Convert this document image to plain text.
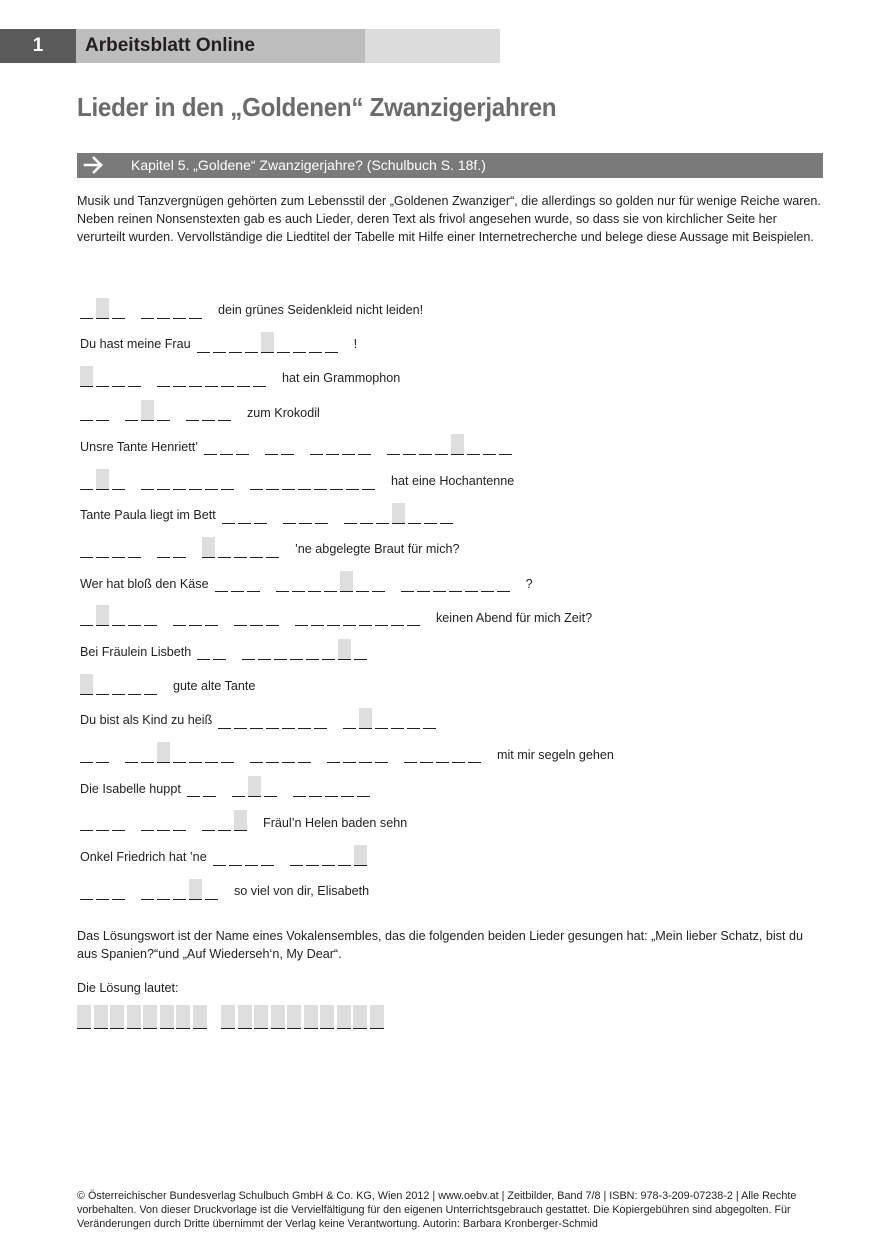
1	Arbeitsblatt Online
Lieder in den „Goldenen“ Zwanzigerjahren
Kapitel 5. „Goldene“ Zwanzigerjahre? (Schulbuch S. 18f.)
Musik und Tanzvergnügen gehörten zum Lebensstil der „Goldenen Zwanziger“, die allerdings so golden nur für wenige Reiche waren. Neben reinen Nonsenstexten gab es auch Lieder, deren Text als frivol angesehen wurde, so dass sie von kirchlicher Seite her verurteilt wurden. Vervollständige die Liedtitel der Tabelle mit Hilfe einer Internetrecherche und belege diese Aussage mit Beispielen.
dein grünes Seidenkleid nicht leiden!
Du hast meine Frau	!
hat ein Grammophon
zum Krokodil
Unsre Tante Henriett’
hat eine Hochantenne
Tante Paula liegt im Bett
’ne abgelegte Braut für mich?
Wer hat bloß den Käse	?
keinen Abend für mich Zeit?
Bei Fräulein Lisbeth
gute alte Tante
Du bist als Kind zu heiß
mit mir segeln gehen
Die Isabelle huppt
Fräul’n Helen baden sehn
Onkel Friedrich hat ’ne
so viel von dir, Elisabeth
Das Lösungswort ist der Name eines Vokalensembles, das die folgenden beiden Lieder gesungen hat: „Mein lieber Schatz, bist du aus Spanien?“und „Auf Wiederseh‘n, My Dear“.
Die Lösung lautet:
© Österreichischer Bundesverlag Schulbuch GmbH & Co. KG, Wien 2012 | www.oebv.at | Zeitbilder, Band 7/8 | ISBN: 978-3-209-07238-2 | Alle Rechte vorbehalten. Von dieser Druckvorlage ist die Vervielfältigung für den eigenen Unterrichtsgebrauch gestattet. Die Kopiergebühren sind abgegolten. Für Veränderungen durch Dritte übernimmt der Verlag keine Verantwortung. Autorin: Barbara Kronberger-Schmid
